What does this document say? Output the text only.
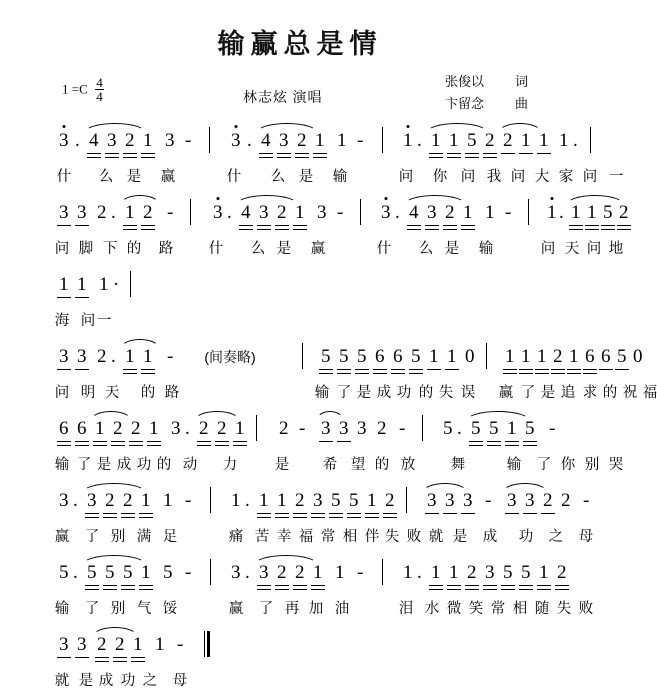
输赢总是情
$1 =C \frac{4}{4}$	林志炫 演唱
张俊以 词
卞留念 曲
3 . 4 3 2 1 3 - 3 . 4 3 2 1 1 - 1 . 1 1 5 2 2 1 1 1 .
什 么 是 赢	什 么 是 输	问 你 问 我 问 大 家 问 一
3 3 2 . 1 2 - 3 . 4 3 2 1 3 - 3 . 4 3 2 1 1 - 1 . 1 1 5 2
问 脚 下 的 路 什 么 是 赢	什 么 是 输	问 天 问 地
1 1 1 ·
海 问 一
3 3 2 . 1 1 - (间奏略)	5 5 5 6 6 5 1 1 0 1 1 1 2 1 6 6 5 0
问 明 天 的 路	输 了 是 成 功 的 失 误 赢 了 是 追 求 的 祝 福
6 6 1 2 2 1 3 . 2 2 1 2 - 3 3 3 2 - 5 . 5 5 1 5 -
输 了 是 成 功 的 动 力	是 希 望 的 放 舞	输 了 你 别 哭
3 . 3 2 2 1 1 - 1 . 1 1 2 3 5 5 1 2 3 3 3 - 3 3 2 2 -
赢 了 别 满 足	痛 苦 幸 福 常 相 伴 失 败 就 是 成 功 之 母
5 . 5 5 5 1 5 - 3 . 3 2 2 1 1 - 1 . 1 1 2 3 5 5 1 2
输 了 别 气 馁	赢 了 再 加 油	泪 水 微 笑 常 相 随 失 败
3 3 2 2 1 1 -
就 是 成 功 之 母
